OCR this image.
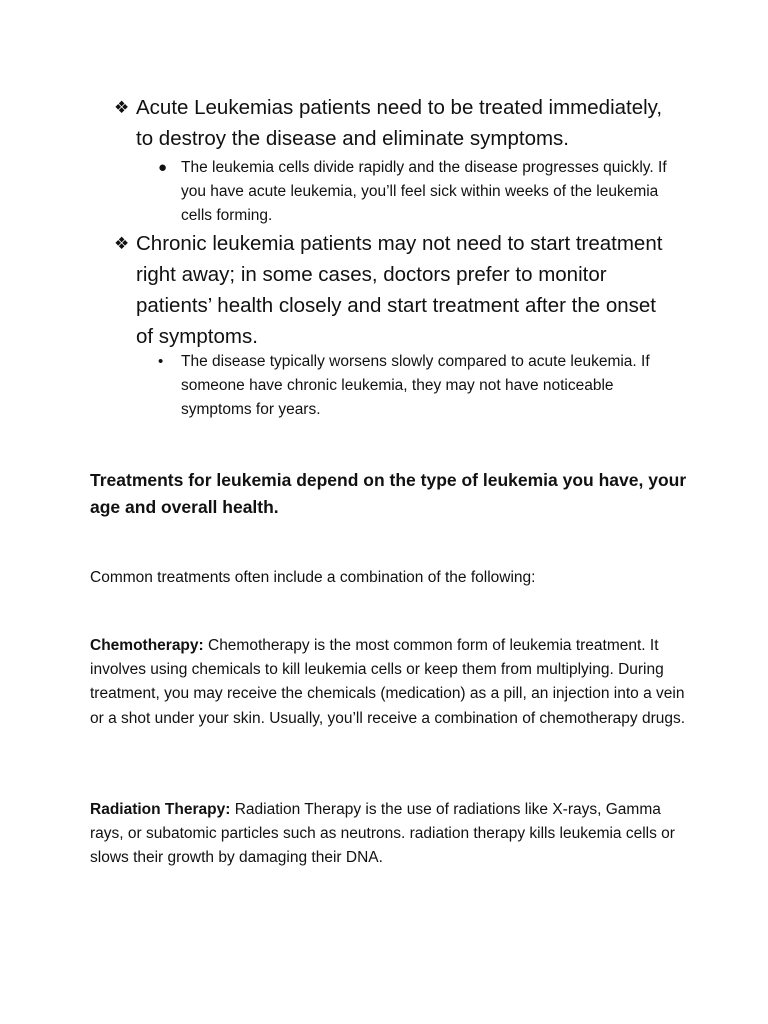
❖ Acute Leukemias patients need to be treated immediately, to destroy the disease and eliminate symptoms.
● The leukemia cells divide rapidly and the disease progresses quickly. If you have acute leukemia, you’ll feel sick within weeks of the leukemia cells forming.
❖ Chronic leukemia patients may not need to start treatment right away; in some cases, doctors prefer to monitor patients’ health closely and start treatment after the onset of symptoms.
•	The disease typically worsens slowly compared to acute leukemia. If someone have chronic leukemia, they may not have noticeable symptoms for years.
Treatments for leukemia depend on the type of leukemia you have, your age and overall health.
Common treatments often include a combination of the following:
Chemotherapy: Chemotherapy is the most common form of leukemia treatment. It involves using chemicals to kill leukemia cells or keep them from multiplying. During treatment, you may receive the chemicals (medication) as a pill, an injection into a vein or a shot under your skin. Usually, you’ll receive a combination of chemotherapy drugs.
Radiation Therapy: Radiation Therapy is the use of radiations like X-rays, Gamma rays, or subatomic particles such as neutrons. radiation therapy kills leukemia cells or slows their growth by damaging their DNA.
